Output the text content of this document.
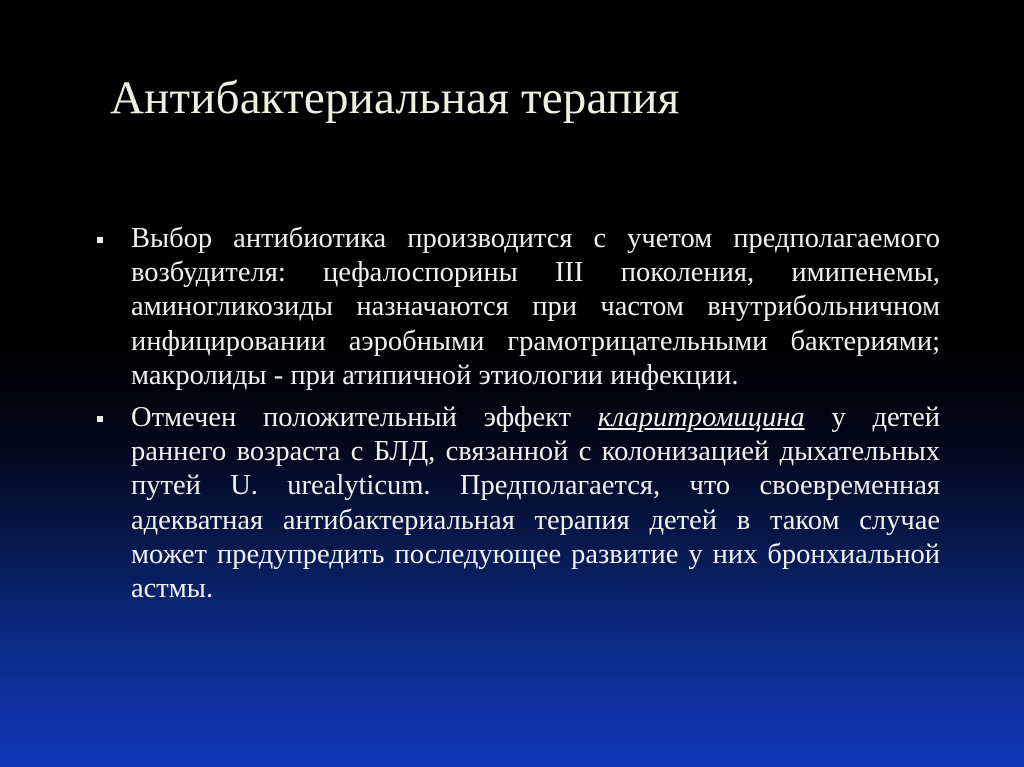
Антибактериальная терапия
Выбор антибиотика производится с учетом предполагаемого возбудителя: цефалоспорины III поколения, имипенемы, аминогликозиды назначаются при частом внутрибольничном инфицировании аэробными грамотрицательными бактериями; макролиды - при атипичной этиологии инфекции.
Отмечен положительный эффект кларитромицина у детей раннего возраста с БЛД, связанной с колонизацией дыхательных путей U. urealyticum. Предполагается, что своевременная адекватная антибактериальная терапия детей в таком случае может предупредить последующее развитие у них бронхиальной астмы.
